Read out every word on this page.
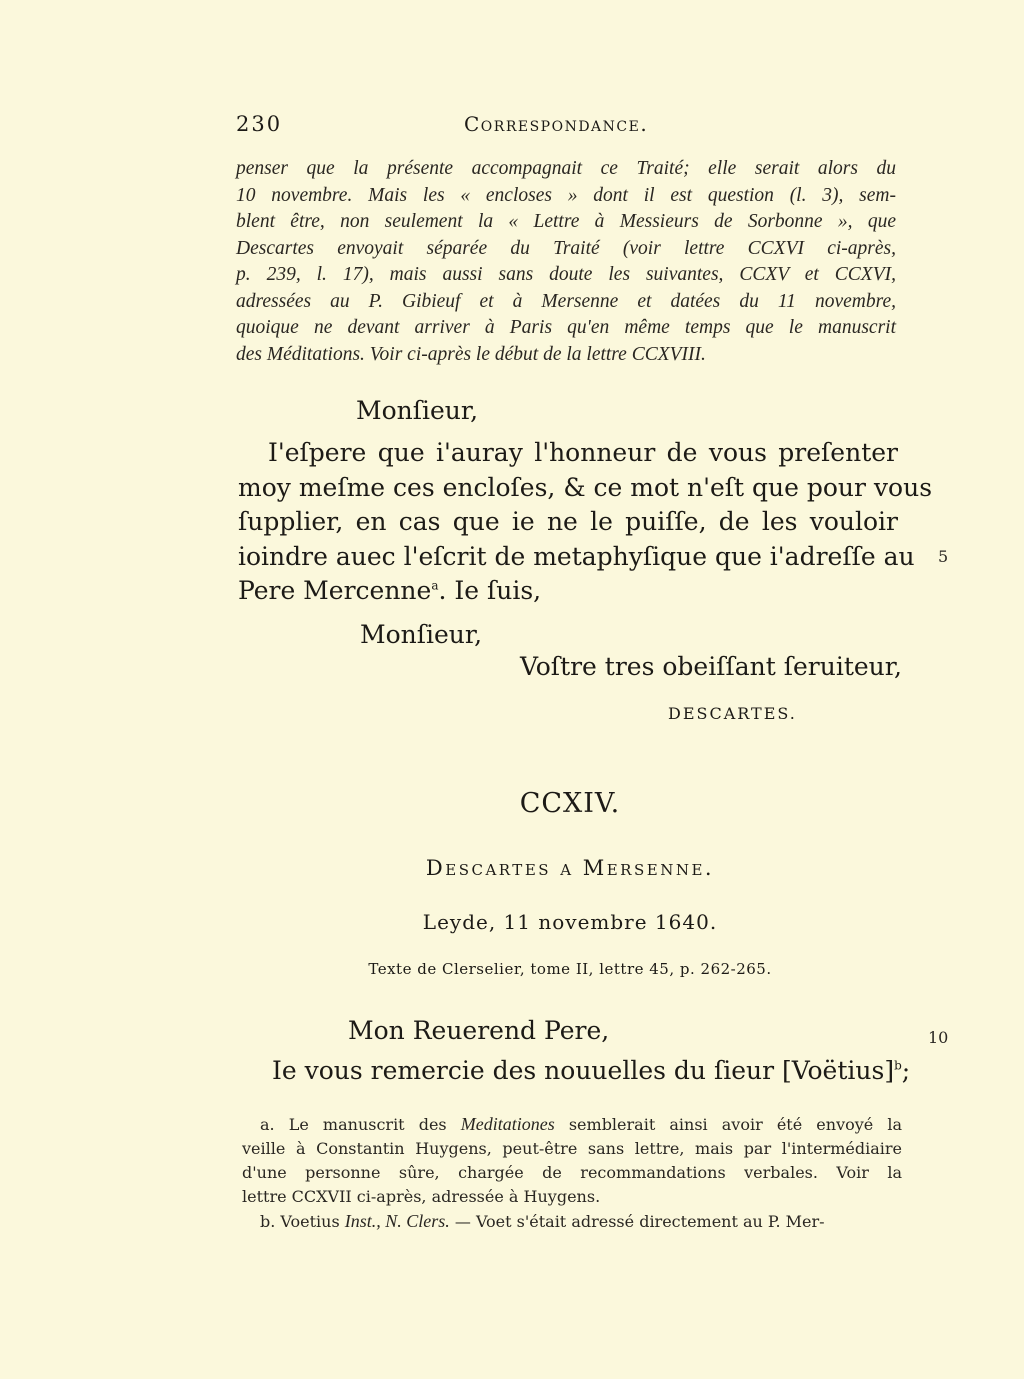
230	Correspondance.
penser que la présente accompagnait ce Traité; elle serait alors du
10 novembre. Mais les « encloses » dont il est question (l. 3), sem-
blent être, non seulement la « Lettre à Messieurs de Sorbonne », que
Descartes envoyait séparée du Traité (voir lettre CCXVI ci-après,
p. 239, l. 17), mais aussi sans doute les suivantes, CCXV et CCXVI,
adressées au P. Gibieuf et à Mersenne et datées du 11 novembre,
quoique ne devant arriver à Paris qu'en même temps que le manuscrit
des Méditations. Voir ci-après le début de la lettre CCXVIII.
Monſieur,
I'eſpere que i'auray l'honneur de vous preſenter
moy meſme ces encloſes, & ce mot n'eſt que pour vous
ſupplier, en cas que ie ne le puiſſe, de les vouloir
ioindre auec l'eſcrit de metaphyſique que i'adreſſe au
Pere Mercenne$^a$. Ie ſuis,
5
Monſieur,
Voſtre tres obeiſſant ſeruiteur,
DESCARTES.
CCXIV.
Descartes a Mersenne.
Leyde, 11 novembre 1640.
Texte de Clerselier, tome II, lettre 45, p. 262-265.
Mon Reuerend Pere,	10
Ie vous remercie des nouuelles du ſieur [Voëtius]$^b$;
a. Le manuscrit des Meditationes semblerait ainsi avoir été envoyé la
veille à Constantin Huygens, peut-être sans lettre, mais par l'intermédiaire
d'une personne sûre, chargée de recommandations verbales. Voir la
lettre CCXVII ci-après, adressée à Huygens.
b. Voetius Inst., N. Clers. — Voet s'était adressé directement au P. Mer-
